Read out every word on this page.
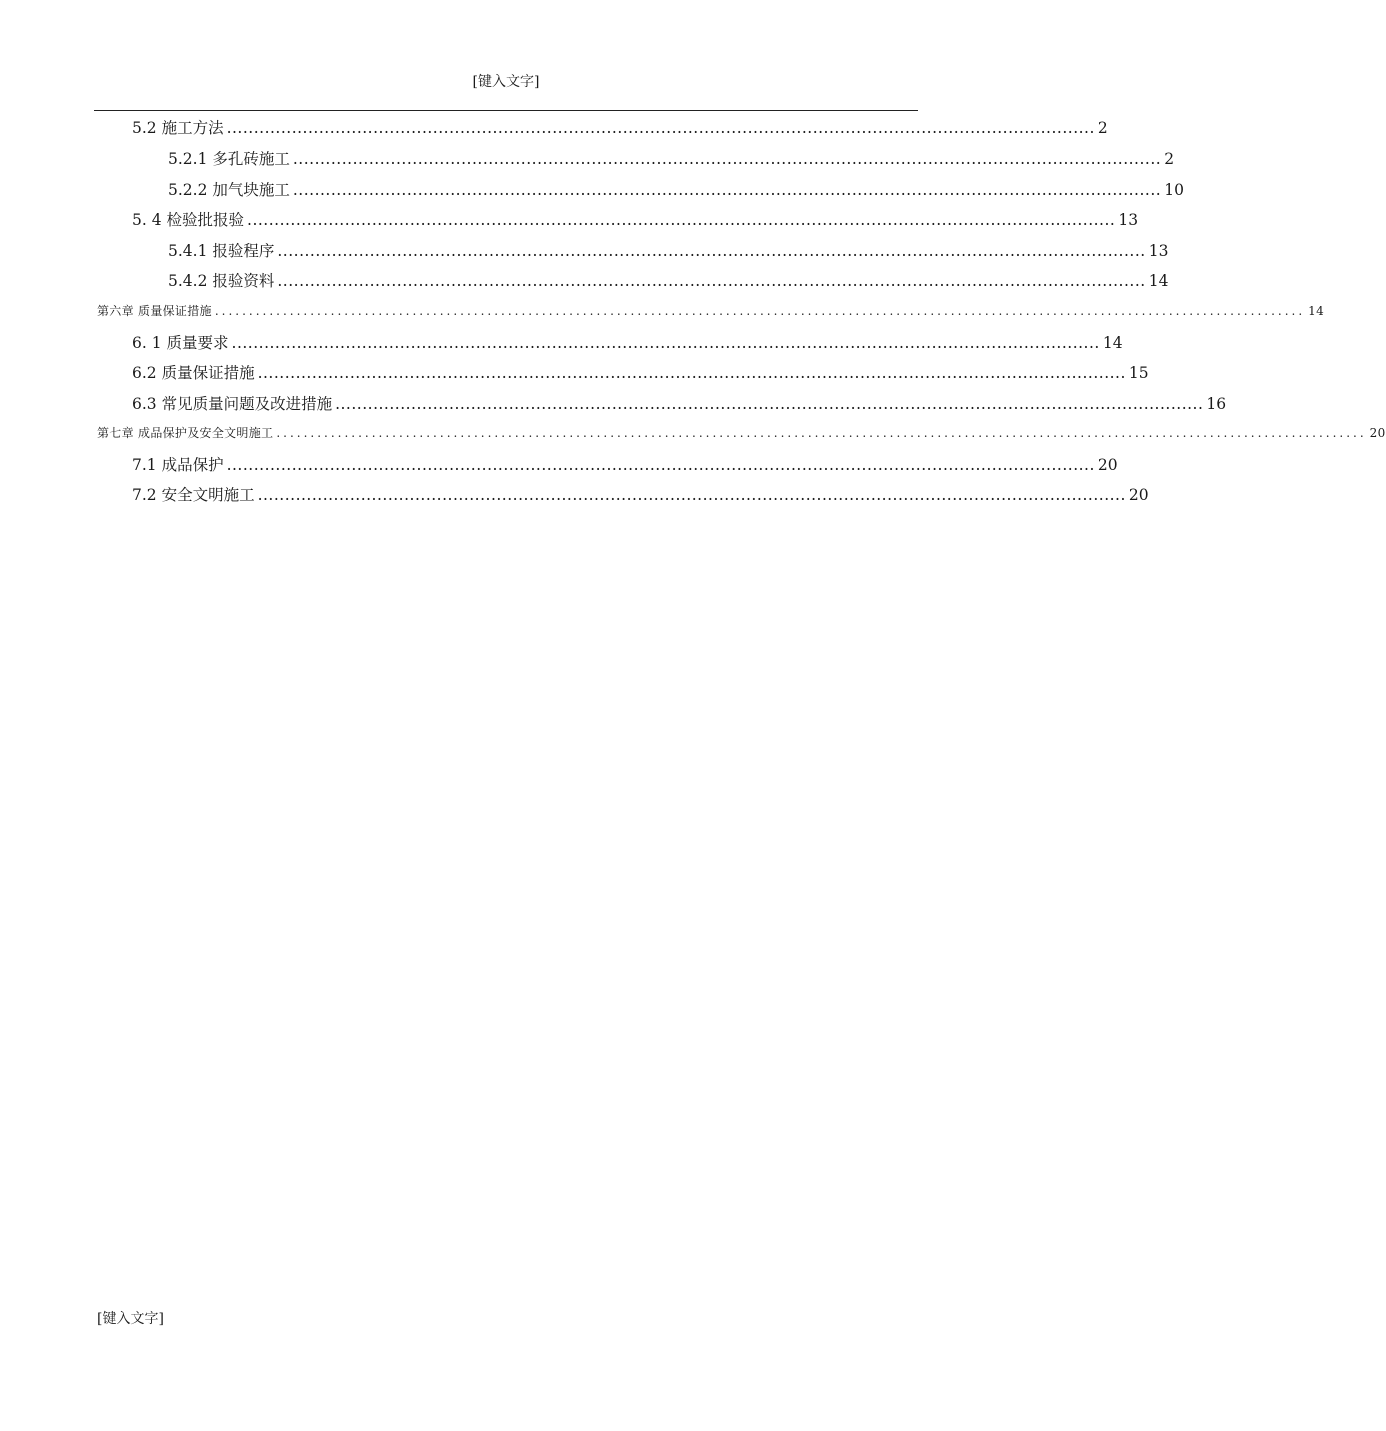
[键入文字]
5.2 施工方法 ................................................................................................................................................................ 2
5.2.1 多孔砖施工 ................................................................................................................................................................ 2
5.2.2 加气块施工 ................................................................................................................................................................ 10
5. 4 检验批报验 ................................................................................................................................................................ 13
5.4.1 报验程序 ................................................................................................................................................................ 13
5.4.2 报验资料 ................................................................................................................................................................ 14
第六章 质量保证措施 ................................................................................................................................................................ 14
6. 1 质量要求 ................................................................................................................................................................ 14
6.2 质量保证措施 ................................................................................................................................................................ 15
6.3 常见质量问题及改进措施 ................................................................................................................................................................ 16
第七章 成品保护及安全文明施工 ................................................................................................................................................................ 20
7.1 成品保护 ................................................................................................................................................................ 20
7.2 安全文明施工 ................................................................................................................................................................ 20
[键入文字]
